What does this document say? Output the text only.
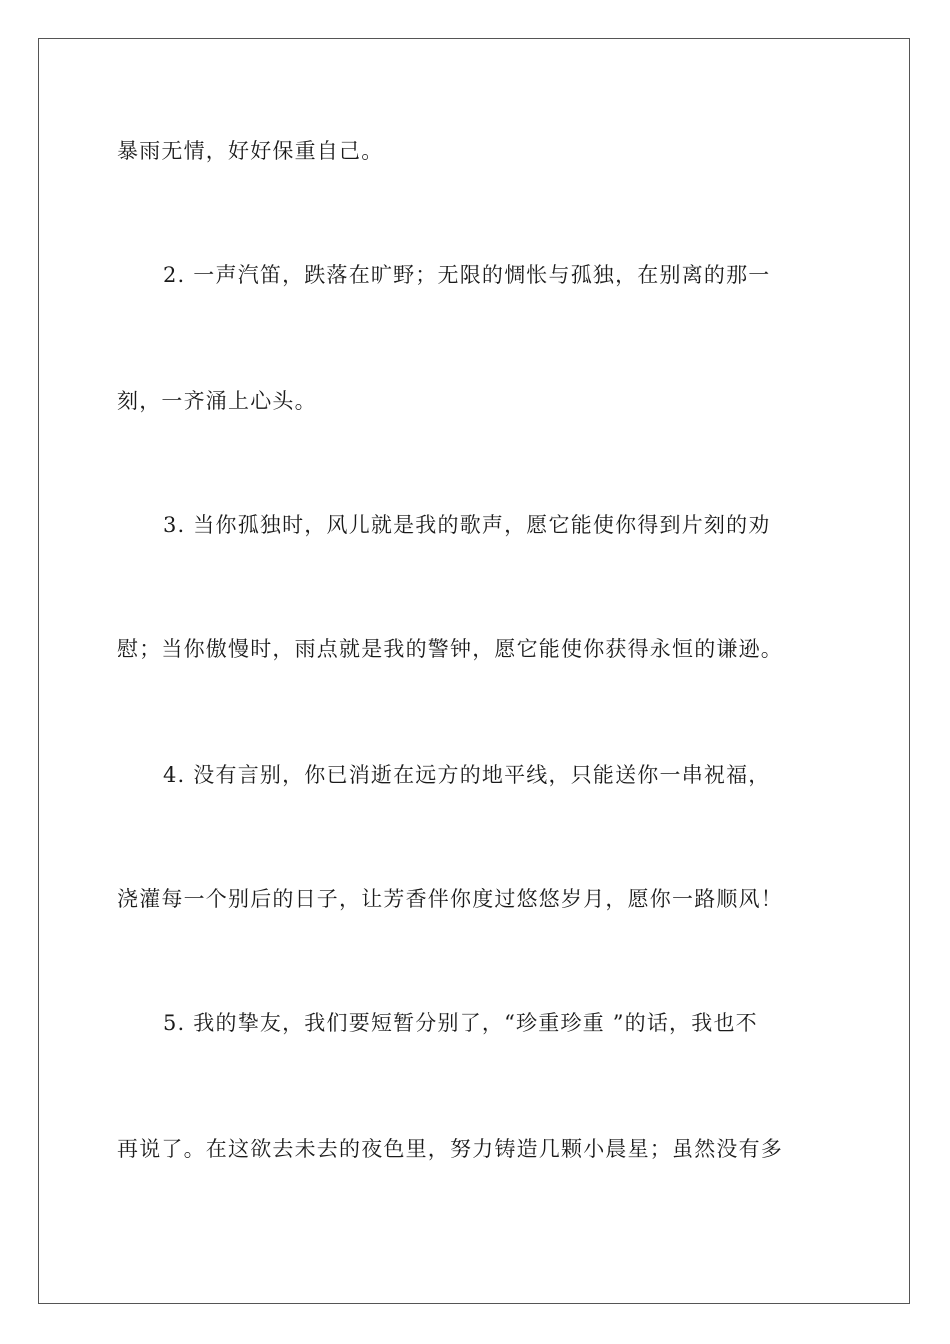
暴雨无情，好好保重自己。
2. 一声汽笛，跌落在旷野；无限的惆怅与孤独，在别离的那一
刻，一齐涌上心头。
3. 当你孤独时，风儿就是我的歌声，愿它能使你得到片刻的劝
慰；当你傲慢时，雨点就是我的警钟，愿它能使你获得永恒的谦逊。
4. 没有言别，你已消逝在远方的地平线，只能送你一串祝福，
浇灌每一个别后的日子，让芳香伴你度过悠悠岁月，愿你一路顺风！
5. 我的挚友，我们要短暂分别了，“珍重珍重 ”的话，我也不
再说了。在这欲去未去的夜色里，努力铸造几颗小晨星；虽然没有多
